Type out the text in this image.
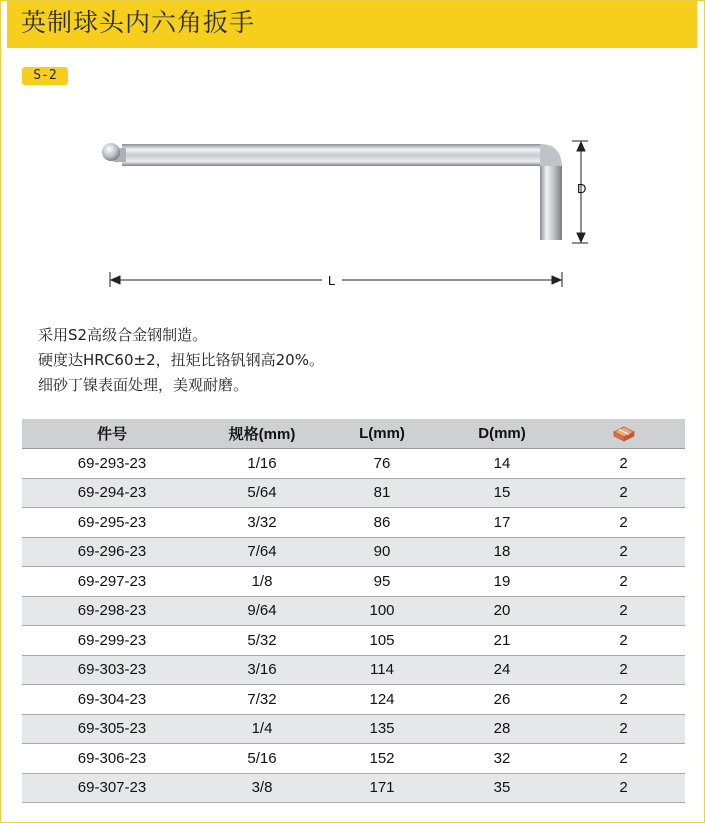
英制球头内六角扳手
S-2
D
L
采用S2高级合金钢制造。
硬度达HRC60±2，扭矩比铬钒钢高20%。
细砂丁镍表面处理，美观耐磨。
件号	规格(mm)	L(mm)	D(mm)	
69-293-23	1/16	76	14	2
69-294-23	5/64	81	15	2
69-295-23	3/32	86	17	2
69-296-23	7/64	90	18	2
69-297-23	1/8	95	19	2
69-298-23	9/64	100	20	2
69-299-23	5/32	105	21	2
69-303-23	3/16	114	24	2
69-304-23	7/32	124	26	2
69-305-23	1/4	135	28	2
69-306-23	5/16	152	32	2
69-307-23	3/8	171	35	2
